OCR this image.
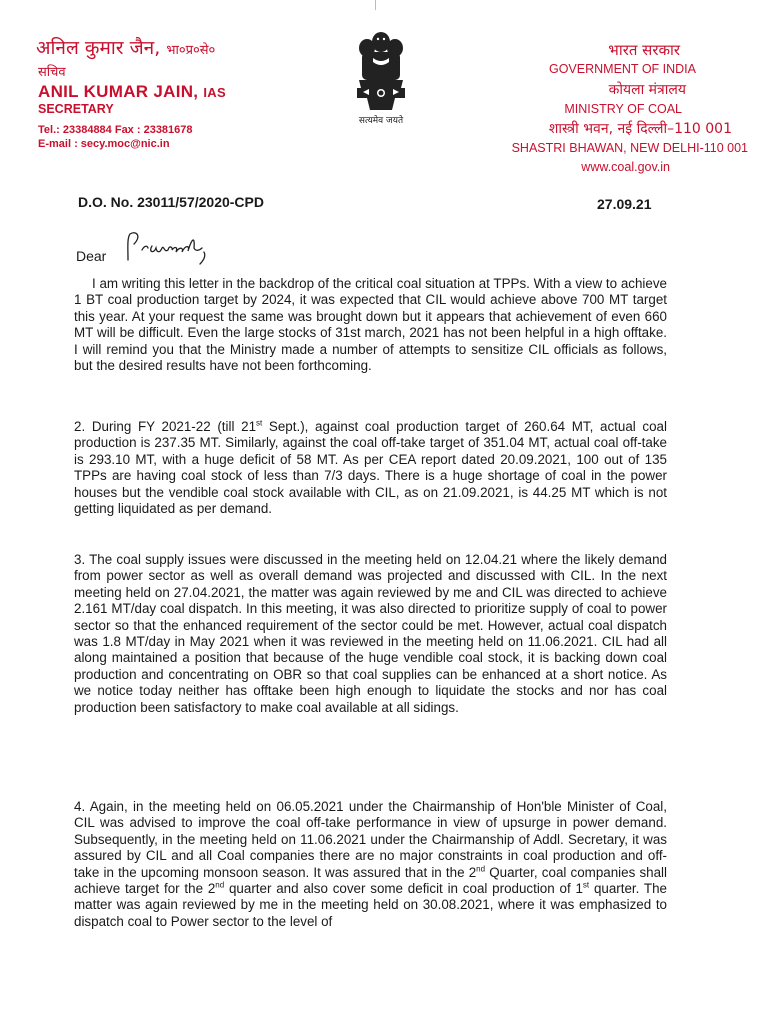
अनिल कुमार जैन, भा०प्र०से०
सचिव
ANIL KUMAR JAIN, IAS
SECRETARY
Tel.: 23384884 Fax : 23381678
E-mail : secy.moc@nic.in
सत्यमेव जयते
भारत सरकार
GOVERNMENT OF INDIA
कोयला मंत्रालय
MINISTRY OF COAL
शास्त्री भवन, नई दिल्ली–110 001
SHASTRI BHAWAN, NEW DELHI-110 001
www.coal.gov.in
D.O. No. 23011/57/2020-CPD	27.09.21
Dear
I am writing this letter in the backdrop of the critical coal situation at TPPs. With a view to achieve 1 BT coal production target by 2024, it was expected that CIL would achieve above 700 MT target this year. At your request the same was brought down but it appears that achievement of even 660 MT will be difficult. Even the large stocks of 31st march, 2021 has not been helpful in a high offtake. I will remind you that the Ministry made a number of attempts to sensitize CIL officials as follows, but the desired results have not been forthcoming.
2. During FY 2021-22 (till 21st Sept.), against coal production target of 260.64 MT, actual coal production is 237.35 MT. Similarly, against the coal off-take target of 351.04 MT, actual coal off-take is 293.10 MT, with a huge deficit of 58 MT. As per CEA report dated 20.09.2021, 100 out of 135 TPPs are having coal stock of less than 7/3 days. There is a huge shortage of coal in the power houses but the vendible coal stock available with CIL, as on 21.09.2021, is 44.25 MT which is not getting liquidated as per demand.
3. The coal supply issues were discussed in the meeting held on 12.04.21 where the likely demand from power sector as well as overall demand was projected and discussed with CIL. In the next meeting held on 27.04.2021, the matter was again reviewed by me and CIL was directed to achieve 2.161 MT/day coal dispatch. In this meeting, it was also directed to prioritize supply of coal to power sector so that the enhanced requirement of the sector could be met. However, actual coal dispatch was 1.8 MT/day in May 2021 when it was reviewed in the meeting held on 11.06.2021. CIL had all along maintained a position that because of the huge vendible coal stock, it is backing down coal production and concentrating on OBR so that coal supplies can be enhanced at a short notice. As we notice today neither has offtake been high enough to liquidate the stocks and nor has coal production been satisfactory to make coal available at all sidings.
4. Again, in the meeting held on 06.05.2021 under the Chairmanship of Hon'ble Minister of Coal, CIL was advised to improve the coal off-take performance in view of upsurge in power demand. Subsequently, in the meeting held on 11.06.2021 under the Chairmanship of Addl. Secretary, it was assured by CIL and all Coal companies there are no major constraints in coal production and off-take in the upcoming monsoon season. It was assured that in the 2nd Quarter, coal companies shall achieve target for the 2nd quarter and also cover some deficit in coal production of 1st quarter. The matter was again reviewed by me in the meeting held on 30.08.2021, where it was emphasized to dispatch coal to Power sector to the level of
